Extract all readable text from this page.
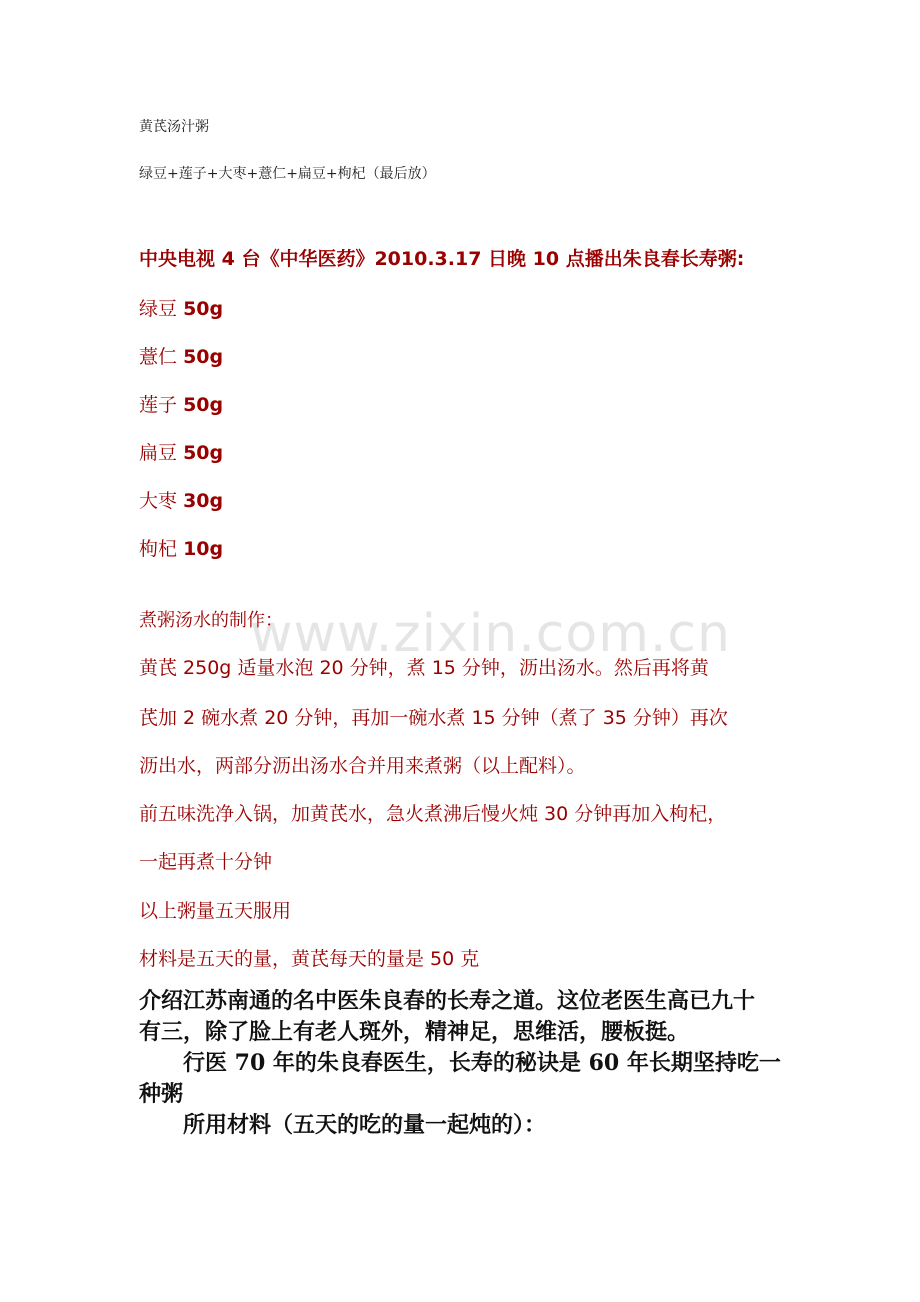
www.zixin.com.cn
黄芪汤汁粥
绿豆+莲子+大枣+薏仁+扁豆+枸杞（最后放）
中央电视 4 台《中华医药》2010.3.17 日晚 10 点播出朱良春长寿粥:
绿豆 50g
薏仁 50g
莲子 50g
扁豆 50g
大枣 30g
枸杞 10g
煮粥汤水的制作：
黄芪 250g 适量水泡 20 分钟，煮 15 分钟，沥出汤水。然后再将黄
芪加 2 碗水煮 20 分钟，再加一碗水煮 15 分钟（煮了 35 分钟）再次
沥出水，两部分沥出汤水合并用来煮粥（以上配料）。
前五味洗净入锅，加黄芪水，急火煮沸后慢火炖 30 分钟再加入枸杞，
一起再煮十分钟
以上粥量五天服用
材料是五天的量，黄芪每天的量是 50 克
介绍江苏南通的名中医朱良春的长寿之道。这位老医生高已九十
有三，除了脸上有老人斑外，精神足，思维活，腰板挺。
　　行医 70 年的朱良春医生，长寿的秘诀是 60 年长期坚持吃一
种粥
　　所用材料（五天的吃的量一起炖的）：
